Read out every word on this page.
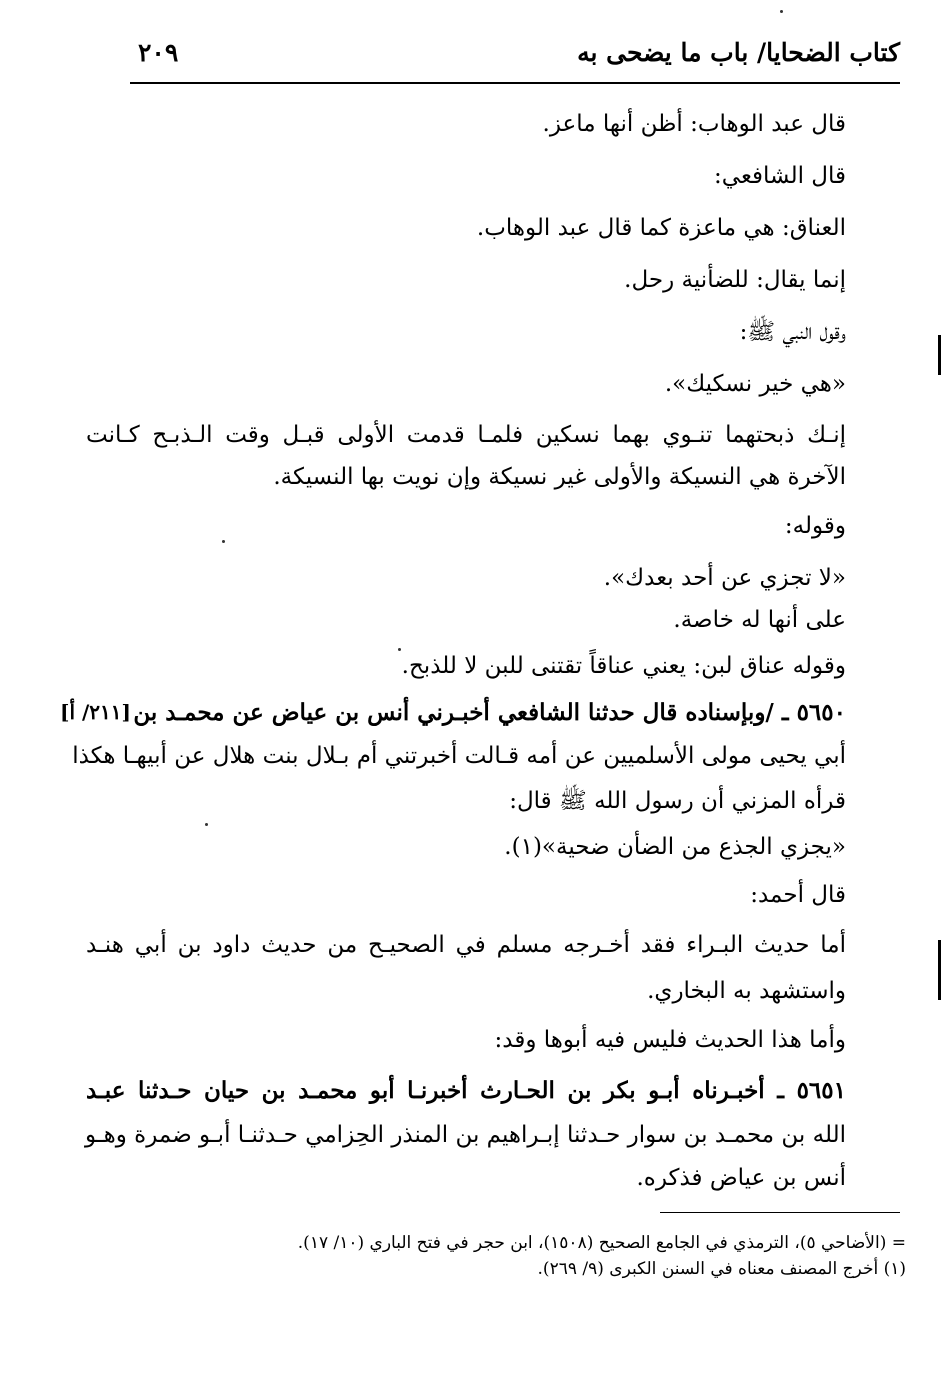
كتاب الضحايا/ باب ما يضحى به
٢٠٩
قال عبد الوهاب: أظن أنها ماعز.
قال الشافعي:
العناق: هي ماعزة كما قال عبد الوهاب.
إنما يقال: للضأنية رحل.
وقول النبي ﷺ:
«هي خير نسكيك».
إنـك ذبحتهما تنـوي بهما نسكين فلمـا قدمت الأولى قبـل وقت الـذبـح كـانت
الآخرة هي النسيكة والأولى غير نسيكة وإن نويت بها النسيكة.
وقوله:
«لا تجزي عن أحد بعدك».
على أنها له خاصة.
وقوله عناق لبن: يعني عناقاً تقتنى للبن لا للذبح.
[٢١١/ أ] ٥٦٥٠ ـ /وبإسناده قال حدثنا الشافعي أخبـرني أنس بن عياض عن محمـد بن
أبي يحيى مولى الأسلميين عن أمه قـالت أخبرتني أم بـلال بنت هلال عن أبيهـا هكذا
قرأه المزني أن رسول الله ﷺ قال:
«يجزي الجذع من الضأن ضحية»(١).
قال أحمد:
أما حديث البـراء فقد أخـرجه مسلم في الصحيـح من حديث داود بن أبي هنـد
واستشهد به البخاري.
وأما هذا الحديث فليس فيه أبوها وقد:
٥٦٥١ ـ أخبـرناه أبـو بكر بن الحـارث أخبرنـا أبو محمـد بن حيان حـدثنا عبـد
الله بن محمـد بن سوار حـدثنا إبـراهيم بن المنذر الحِزامي حـدثنـا أبـو ضمرة وهـو
أنس بن عياض فذكره.
= (الأضاحي ٥)، الترمذي في الجامع الصحيح (١٥٠٨)، ابن حجر في فتح الباري (١٠/ ١٧).
(١) أخرج المصنف معناه في السنن الكبرى (٩/ ٢٦٩).
